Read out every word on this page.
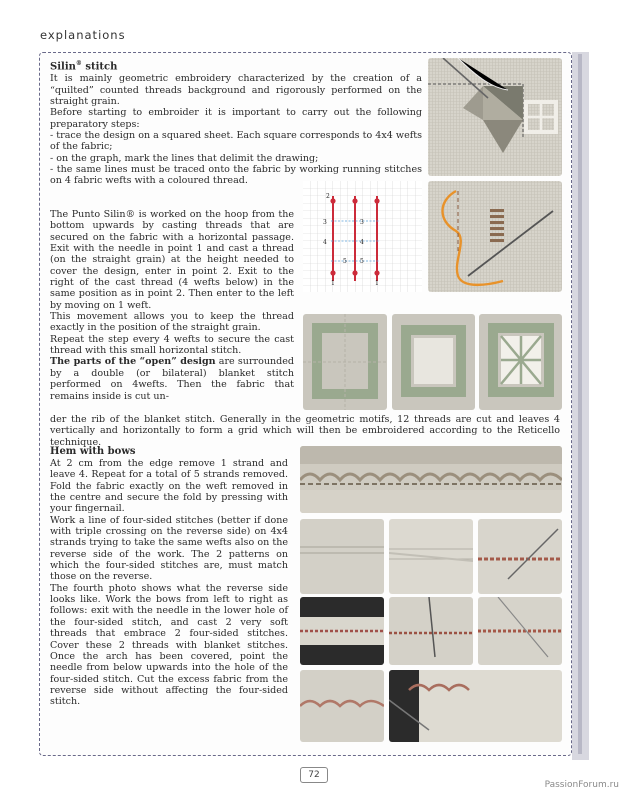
explanations
Silin® stitch

It is mainly geometric embroidery characterized by the creation of a “quilted” counted threads background and rigorously performed on the straight grain.

Before starting to embroider it is important to carry out the following preparatory steps:

- trace the design on a squared sheet. Each square corresponds to 4x4 wefts of the fabric;

- on the graph, mark the lines that delimit the drawing;

- the same lines must be traced onto the fabric by working running stitches on 4 fabric wefts with a coloured thread.

The Punto Silin® is worked on the hoop from the bottom upwards by casting threads that are secured on the fabric with a horizontal passage. Exit with the needle in point 1 and cast a thread (on the straight grain) at the height needed to cover the design, enter in point 2. Exit to the right of the cast thread (4 wefts below) in the same position as in point 2. Then enter to the left by moving on 1 weft.

This movement allows you to keep the thread exactly in the position of the straight grain.

Repeat the step every 4 wefts to secure the cast thread with this small horizontal stitch.

The parts of the “open” design are surrounded by a double (or bilateral) blanket stitch performed on 4wefts. Then the fabric that remains inside is cut un-

der the rib of the blanket stitch. Generally in the geometric motifs, 12 threads are cut and leaves 4 vertically and horizontally to form a grid which will then be embroidered according to the Reticello technique.

Hem with bows

At 2 cm from the edge remove 1 strand and leave 4. Repeat for a total of 5 strands removed. Fold the fabric exactly on the weft removed in the centre and secure the fold by pressing with your fingernail.

Work a line of four-sided stitches (better if done with triple crossing on the reverse side) on 4x4 strands trying to take the same wefts also on the reverse side of the work. The 2 patterns on which the four-sided stitches are, must match those on the reverse.

The fourth photo shows what the reverse side looks like. Work the bows from left to right as follows: exit with the needle in the lower hole of the four-sided stitch, and cast 2 very soft threads that embrace 2 four-sided stitches. Cover these 2 threads with blanket stitches. Once the arch has been covered, point the needle from below upwards into the hole of the four-sided stitch. Cut the excess fabric from the reverse side without affecting the four-sided stitch.

2
3
4
5
1	1
3
4
5
72
PassionForum.ru
